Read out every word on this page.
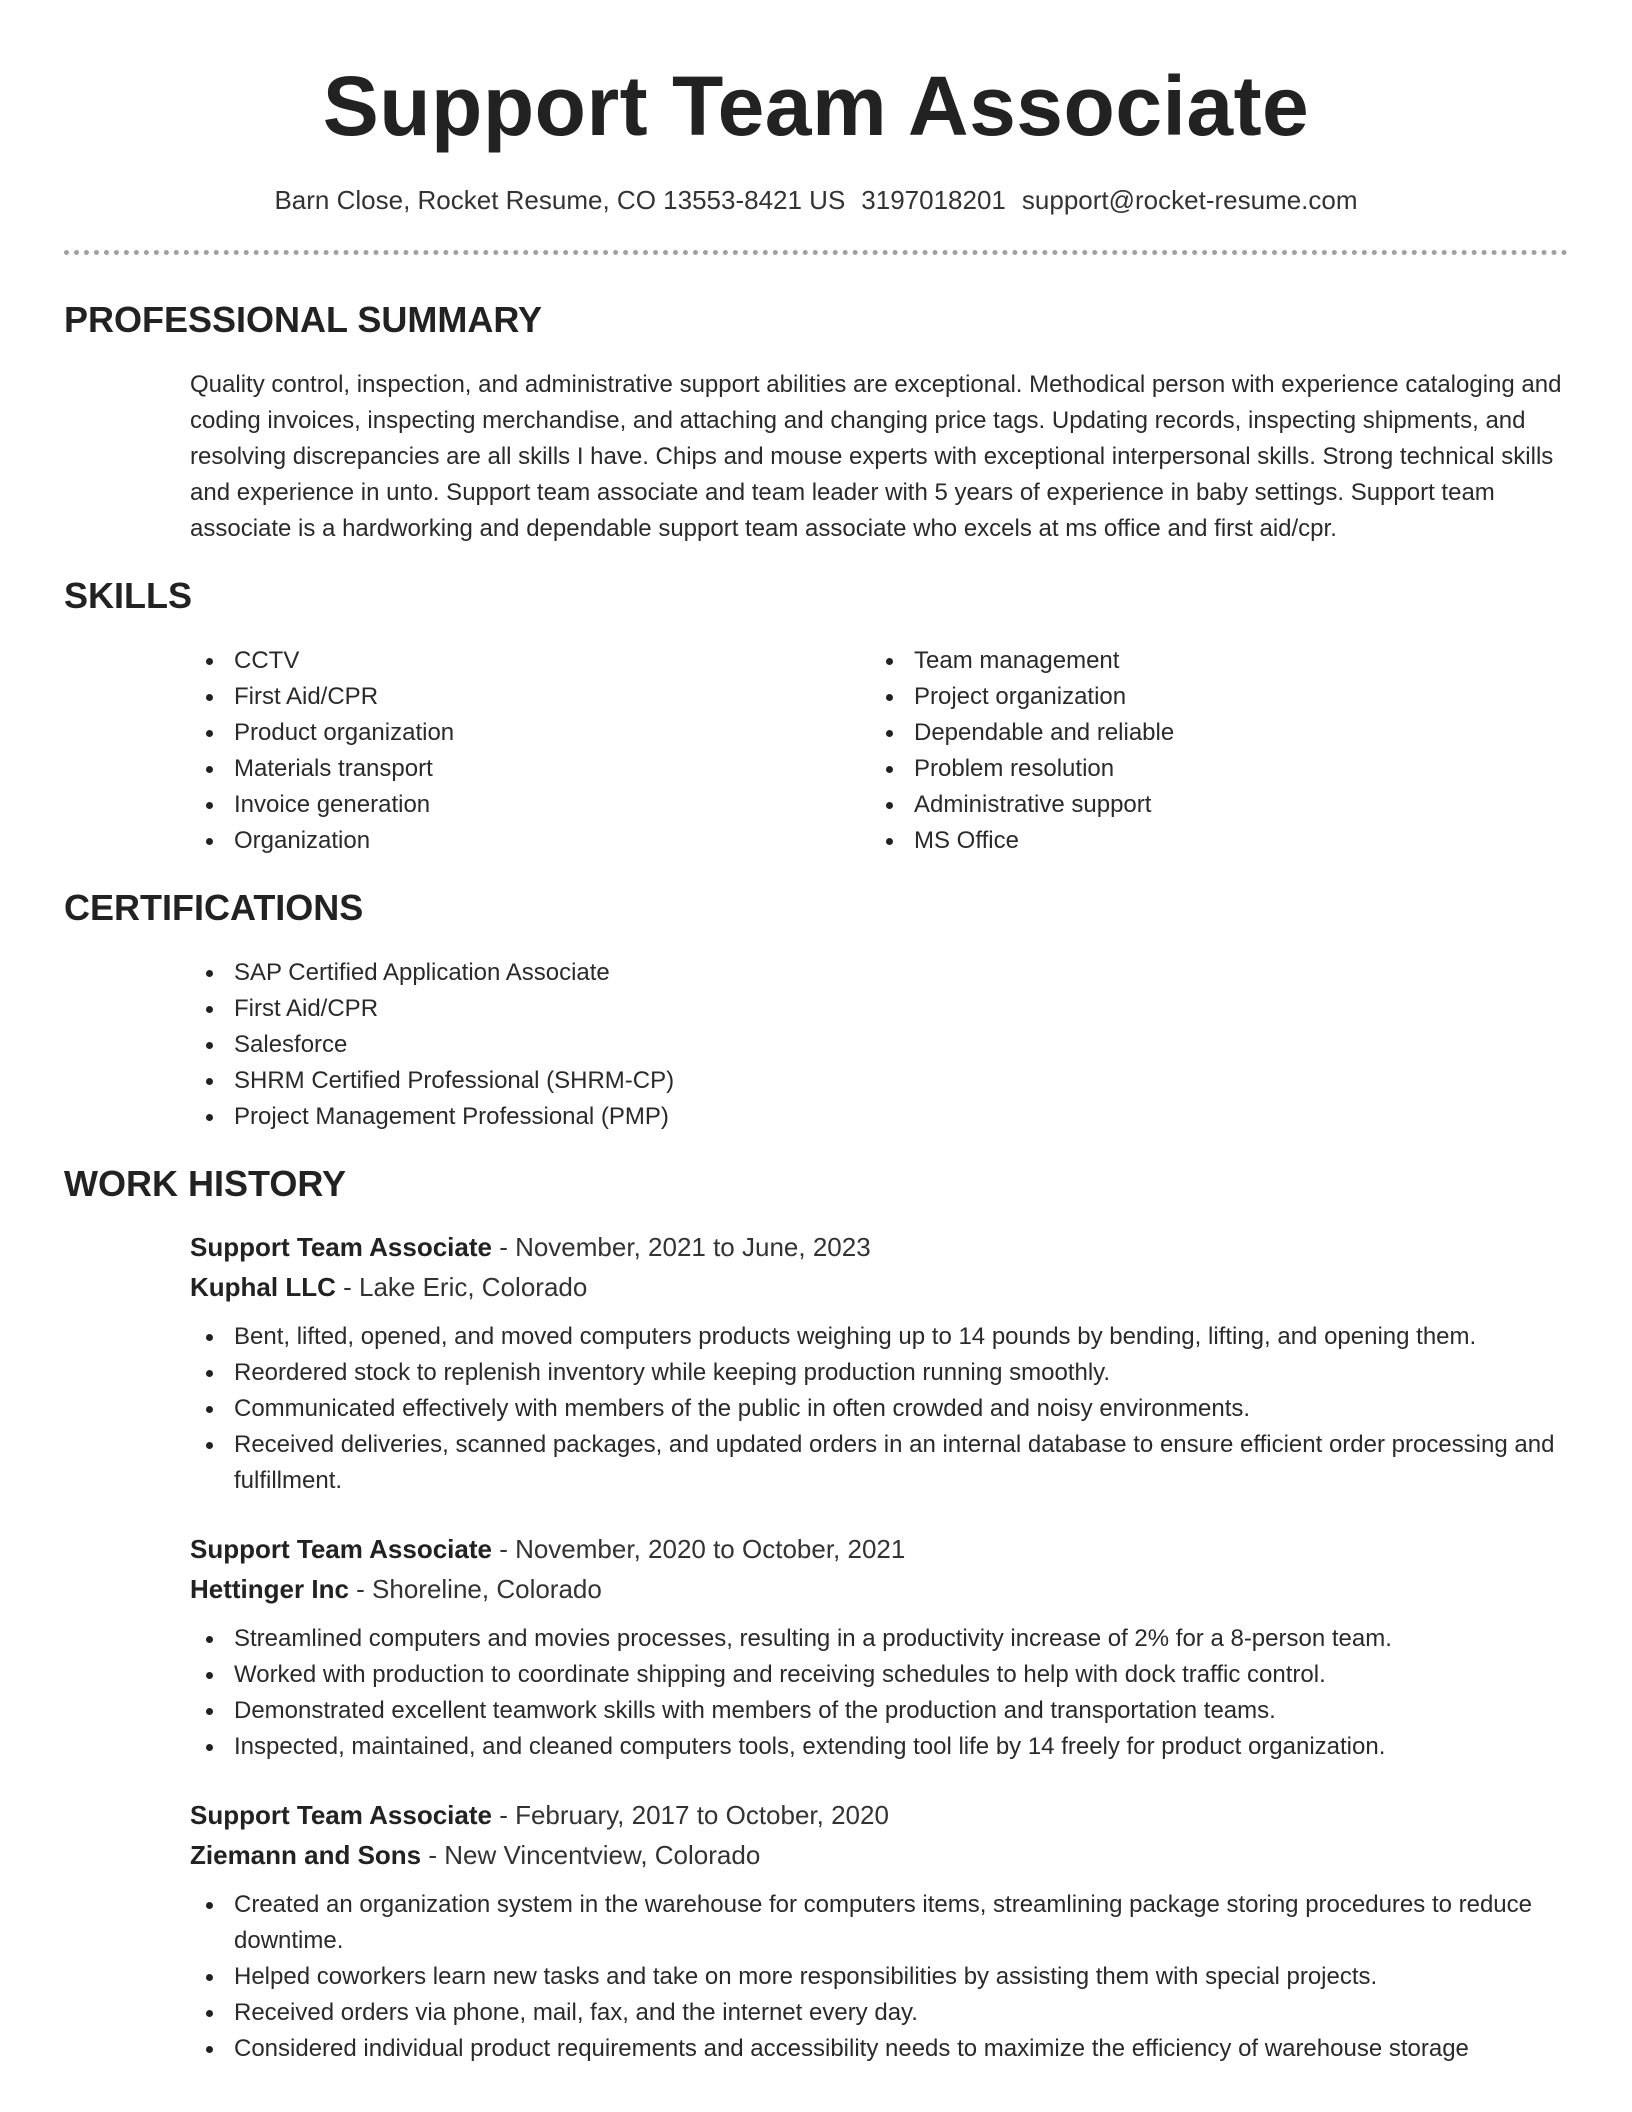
Support Team Associate
Barn Close, Rocket Resume, CO 13553-8421 US 3197018201 support@rocket-resume.com
PROFESSIONAL SUMMARY

Quality control, inspection, and administrative support abilities are exceptional. Methodical person with experience cataloging and coding invoices, inspecting merchandise, and attaching and changing price tags. Updating records, inspecting shipments, and resolving discrepancies are all skills I have. Chips and mouse experts with exceptional interpersonal skills. Strong technical skills and experience in unto. Support team associate and team leader with 5 years of experience in baby settings. Support team associate is a hardworking and dependable support team associate who excels at ms office and first aid/cpr.

SKILLS
CCTV
First Aid/CPR
Product organization
Materials transport
Invoice generation
Organization
Team management
Project organization
Dependable and reliable
Problem resolution
Administrative support
MS Office
CERTIFICATIONS
SAP Certified Application Associate
First Aid/CPR
Salesforce
SHRM Certified Professional (SHRM-CP)
Project Management Professional (PMP)
WORK HISTORY
Support Team Associate - November, 2021 to June, 2023
Kuphal LLC - Lake Eric, Colorado
Bent, lifted, opened, and moved computers products weighing up to 14 pounds by bending, lifting, and opening them.
Reordered stock to replenish inventory while keeping production running smoothly.
Communicated effectively with members of the public in often crowded and noisy environments.
Received deliveries, scanned packages, and updated orders in an internal database to ensure efficient order processing and fulfillment.
Support Team Associate - November, 2020 to October, 2021
Hettinger Inc - Shoreline, Colorado
Streamlined computers and movies processes, resulting in a productivity increase of 2% for a 8-person team.
Worked with production to coordinate shipping and receiving schedules to help with dock traffic control.
Demonstrated excellent teamwork skills with members of the production and transportation teams.
Inspected, maintained, and cleaned computers tools, extending tool life by 14 freely for product organization.
Support Team Associate - February, 2017 to October, 2020
Ziemann and Sons - New Vincentview, Colorado
Created an organization system in the warehouse for computers items, streamlining package storing procedures to reduce downtime.
Helped coworkers learn new tasks and take on more responsibilities by assisting them with special projects.
Received orders via phone, mail, fax, and the internet every day.
Considered individual product requirements and accessibility needs to maximize the efficiency of warehouse storage
